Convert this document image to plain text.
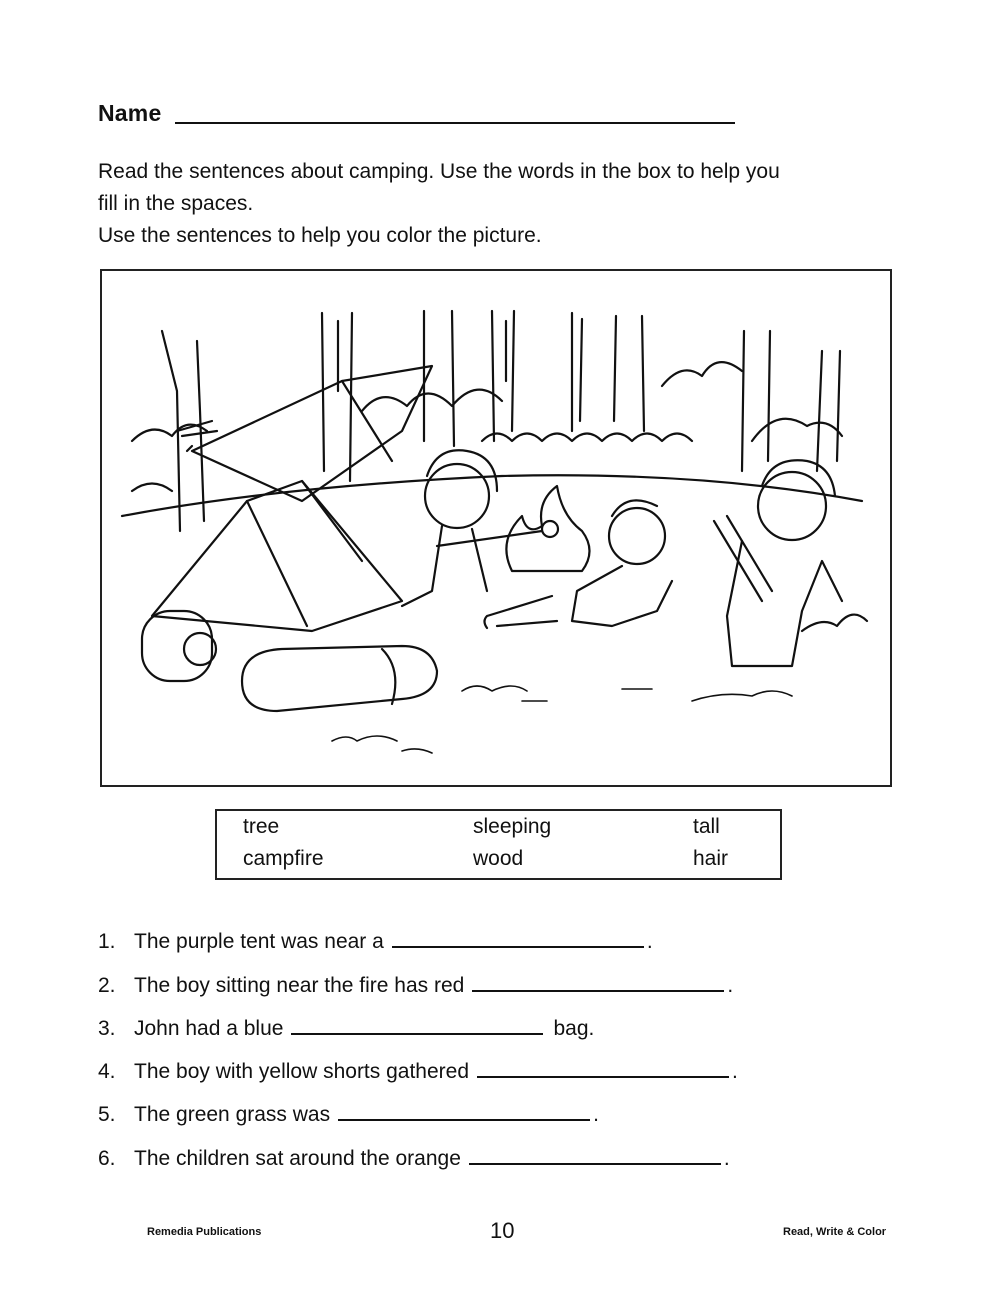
Name

Read the sentences about camping. Use the words in the box to help you

fill in the spaces.

Use the sentences to help you color the picture.

tree	sleeping	tall
campfire	wood	hair
1. The purple tent was near a	.
2. The boy sitting near the fire has red	.
3. John had a blue	bag.
4. The boy with yellow shorts gathered	.
5. The green grass was	.
6. The children sat around the orange	.
Remedia Publications	10	Read, Write & Color
